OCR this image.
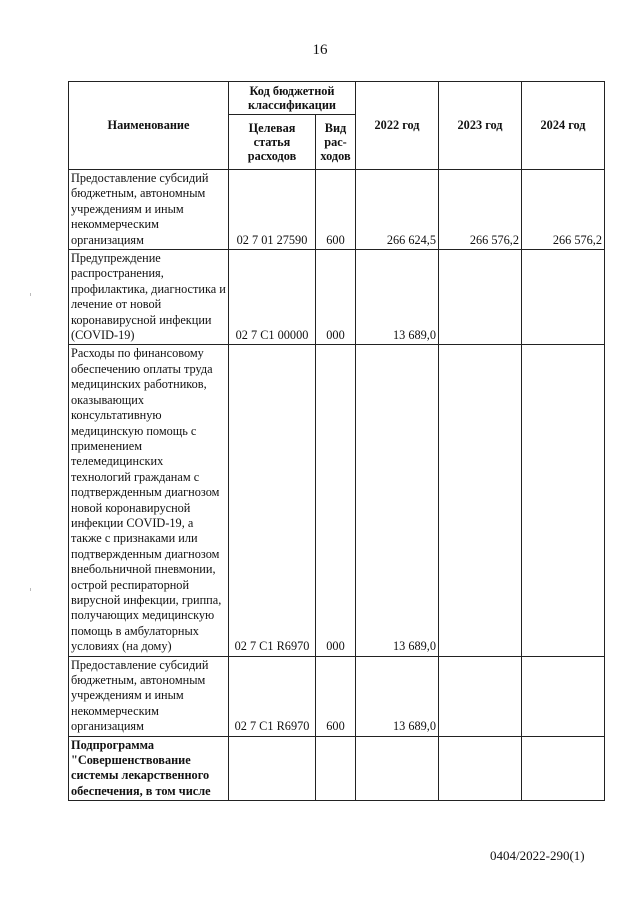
16
Наименование	Код бюджетной классификации		2022 год	2023 год	2024 год
	Целевая статья расходов	Вид рас-ходов			
Предоставление субсидий бюджетным, автономным учреждениям и иным некоммерческим организациям	02 7 01 27590	600	266 624,5	266 576,2	266 576,2
Предупреждение распространения, профилактика, диагностика и лечение от новой коронавирусной инфекции (COVID-19)	02 7 C1 00000	000	13 689,0		
Расходы по финансовому обеспечению оплаты труда медицинских работников, оказывающих консультативную медицинскую помощь с применением телемедицинских технологий гражданам с подтвержденным диагнозом новой коронавирусной инфекции COVID-19, а также с признаками или подтвержденным диагнозом внебольничной пневмонии, острой респираторной вирусной инфекции, гриппа, получающих медицинскую помощь в амбулаторных условиях (на дому)	02 7 C1 R6970	000	13 689,0		
Предоставление субсидий бюджетным, автономным учреждениям и иным некоммерческим организациям	02 7 C1 R6970	600	13 689,0		
Подпрограмма "Совершенствование системы лекарственного обеспечения, в том числе					
0404/2022-290(1)
